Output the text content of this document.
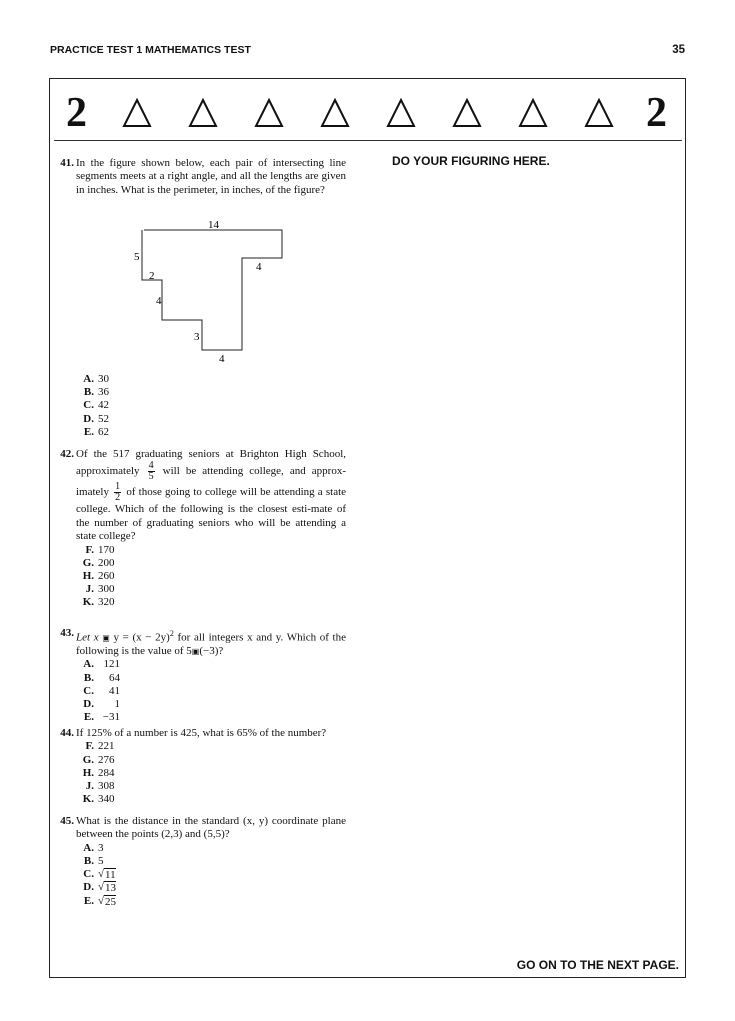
PRACTICE TEST 1 MATHEMATICS TEST	35
2	2
DO YOUR FIGURING HERE.
41. In the figure shown below, each pair of intersecting line segments meets at a right angle, and all the lengths are given in inches. What is the perimeter, in inches, of the figure?
14
5
4
2
4
3
4
A. 30
B. 36
C. 42
D. 52
E. 62
42. Of the 517 graduating seniors at Brighton High School, approximately $\frac{4}{5}$ will be attending college, and approx- imately $\frac{1}{2}$ of those going to college will be attending a state college. Which of the following is the closest esti-mate of the number of graduating seniors who will be attending a state college?
F. 170
G. 200
H. 260
J. 300
K. 320
43. Let x ▣ $y = (x - 2y)^2$ for all integers x and y. Which of the following is the value of 5▣(−3)?
A. 121
B.	64
C.	41
D.	1
E. −31
44. If 125% of a number is 425, what is 65% of the number?
F. 221
G. 276
H. 284
J. 308
K. 340
45. What is the distance in the standard (x, y) coordinate plane between the points (2,3) and (5,5)?
A. 3
B. 5
C. √ 11
D. √ 13
E. √ 25
GO ON TO THE NEXT PAGE.
